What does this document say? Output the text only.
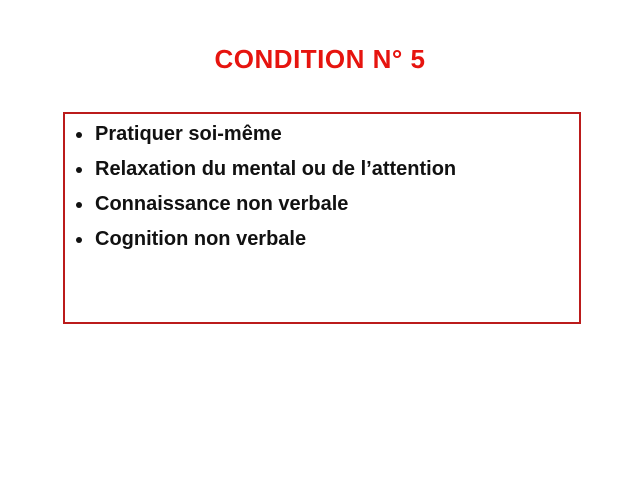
CONDITION N° 5
Pratiquer soi-même
Relaxation du mental ou de l’attention
Connaissance non verbale
Cognition non verbale
